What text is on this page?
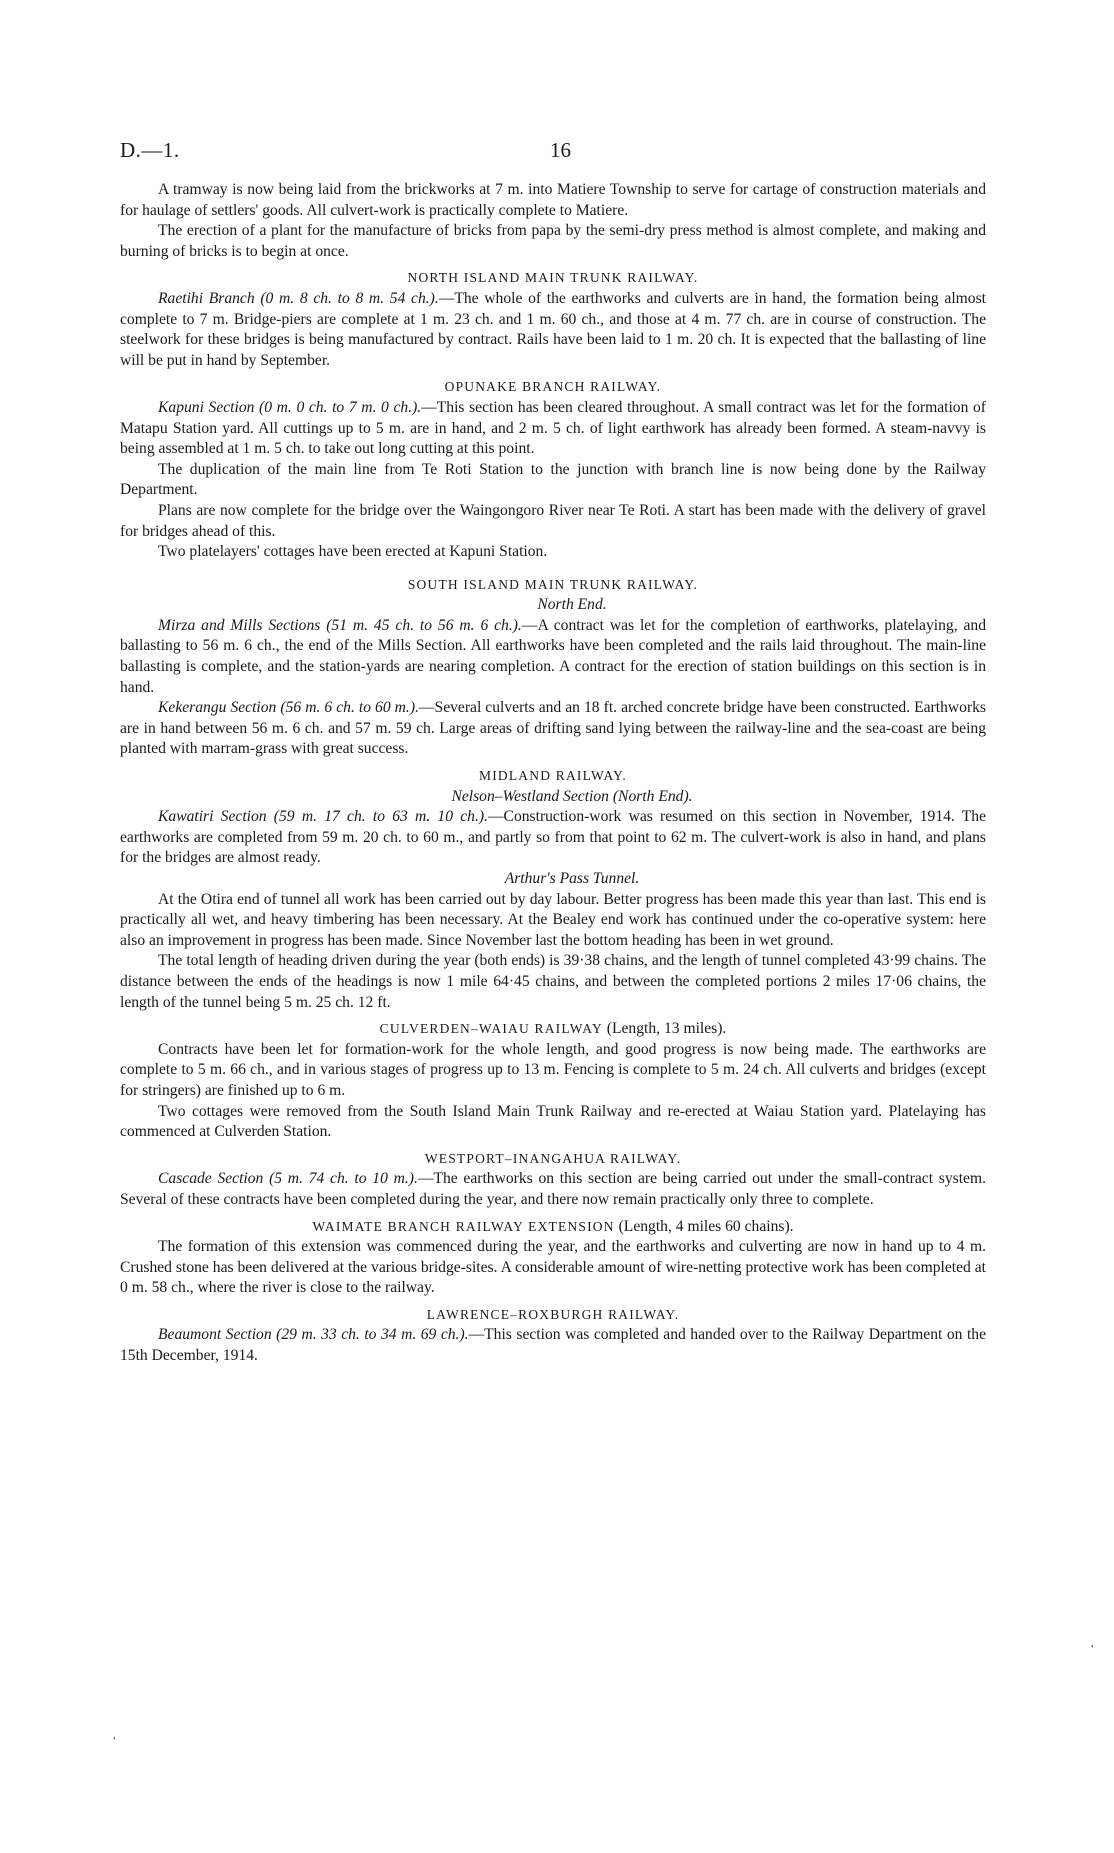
D.—1.	16

A tramway is now being laid from the brickworks at 7 m. into Matiere Township to serve for cartage of construction materials and for haulage of settlers' goods. All culvert-work is practically complete to Matiere.

The erection of a plant for the manufacture of bricks from papa by the semi-dry press method is almost complete, and making and burning of bricks is to begin at once.

NORTH ISLAND MAIN TRUNK RAILWAY.

Raetihi Branch (0 m. 8 ch. to 8 m. 54 ch.).—The whole of the earthworks and culverts are in hand, the formation being almost complete to 7 m. Bridge-piers are complete at 1 m. 23 ch. and 1 m. 60 ch., and those at 4 m. 77 ch. are in course of construction. The steelwork for these bridges is being manufactured by contract. Rails have been laid to 1 m. 20 ch. It is expected that the ballasting of line will be put in hand by September.

OPUNAKE BRANCH RAILWAY.

Kapuni Section (0 m. 0 ch. to 7 m. 0 ch.).—This section has been cleared throughout. A small contract was let for the formation of Matapu Station yard. All cuttings up to 5 m. are in hand, and 2 m. 5 ch. of light earthwork has already been formed. A steam-navvy is being assembled at 1 m. 5 ch. to take out long cutting at this point.

The duplication of the main line from Te Roti Station to the junction with branch line is now being done by the Railway Department.

Plans are now complete for the bridge over the Waingongoro River near Te Roti. A start has been made with the delivery of gravel for bridges ahead of this.

Two platelayers' cottages have been erected at Kapuni Station.

SOUTH ISLAND MAIN TRUNK RAILWAY.

North End.

Mirza and Mills Sections (51 m. 45 ch. to 56 m. 6 ch.).—A contract was let for the completion of earthworks, platelaying, and ballasting to 56 m. 6 ch., the end of the Mills Section. All earthworks have been completed and the rails laid throughout. The main-line ballasting is complete, and the station-yards are nearing completion. A contract for the erection of station buildings on this section is in hand.

Kekerangu Section (56 m. 6 ch. to 60 m.).—Several culverts and an 18 ft. arched concrete bridge have been constructed. Earthworks are in hand between 56 m. 6 ch. and 57 m. 59 ch. Large areas of drifting sand lying between the railway-line and the sea-coast are being planted with marram-grass with great success.

MIDLAND RAILWAY.

Nelson–Westland Section (North End).

Kawatiri Section (59 m. 17 ch. to 63 m. 10 ch.).—Construction-work was resumed on this section in November, 1914. The earthworks are completed from 59 m. 20 ch. to 60 m., and partly so from that point to 62 m. The culvert-work is also in hand, and plans for the bridges are almost ready.

Arthur's Pass Tunnel.

At the Otira end of tunnel all work has been carried out by day labour. Better progress has been made this year than last. This end is practically all wet, and heavy timbering has been necessary. At the Bealey end work has continued under the co-operative system: here also an improvement in progress has been made. Since November last the bottom heading has been in wet ground.

The total length of heading driven during the year (both ends) is 39·38 chains, and the length of tunnel completed 43·99 chains. The distance between the ends of the headings is now 1 mile 64·45 chains, and between the completed portions 2 miles 17·06 chains, the length of the tunnel being 5 m. 25 ch. 12 ft.

CULVERDEN–WAIAU RAILWAY (Length, 13 miles).

Contracts have been let for formation-work for the whole length, and good progress is now being made. The earthworks are complete to 5 m. 66 ch., and in various stages of progress up to 13 m. Fencing is complete to 5 m. 24 ch. All culverts and bridges (except for stringers) are finished up to 6 m.

Two cottages were removed from the South Island Main Trunk Railway and re-erected at Waiau Station yard. Platelaying has commenced at Culverden Station.

WESTPORT–INANGAHUA RAILWAY.

Cascade Section (5 m. 74 ch. to 10 m.).—The earthworks on this section are being carried out under the small-contract system. Several of these contracts have been completed during the year, and there now remain practically only three to complete.

WAIMATE BRANCH RAILWAY EXTENSION (Length, 4 miles 60 chains).

The formation of this extension was commenced during the year, and the earthworks and culverting are now in hand up to 4 m. Crushed stone has been delivered at the various bridge-sites. A considerable amount of wire-netting protective work has been completed at 0 m. 58 ch., where the river is close to the railway.

LAWRENCE–ROXBURGH RAILWAY.

Beaumont Section (29 m. 33 ch. to 34 m. 69 ch.).—This section was completed and handed over to the Railway Department on the 15th December, 1914.

·
·
